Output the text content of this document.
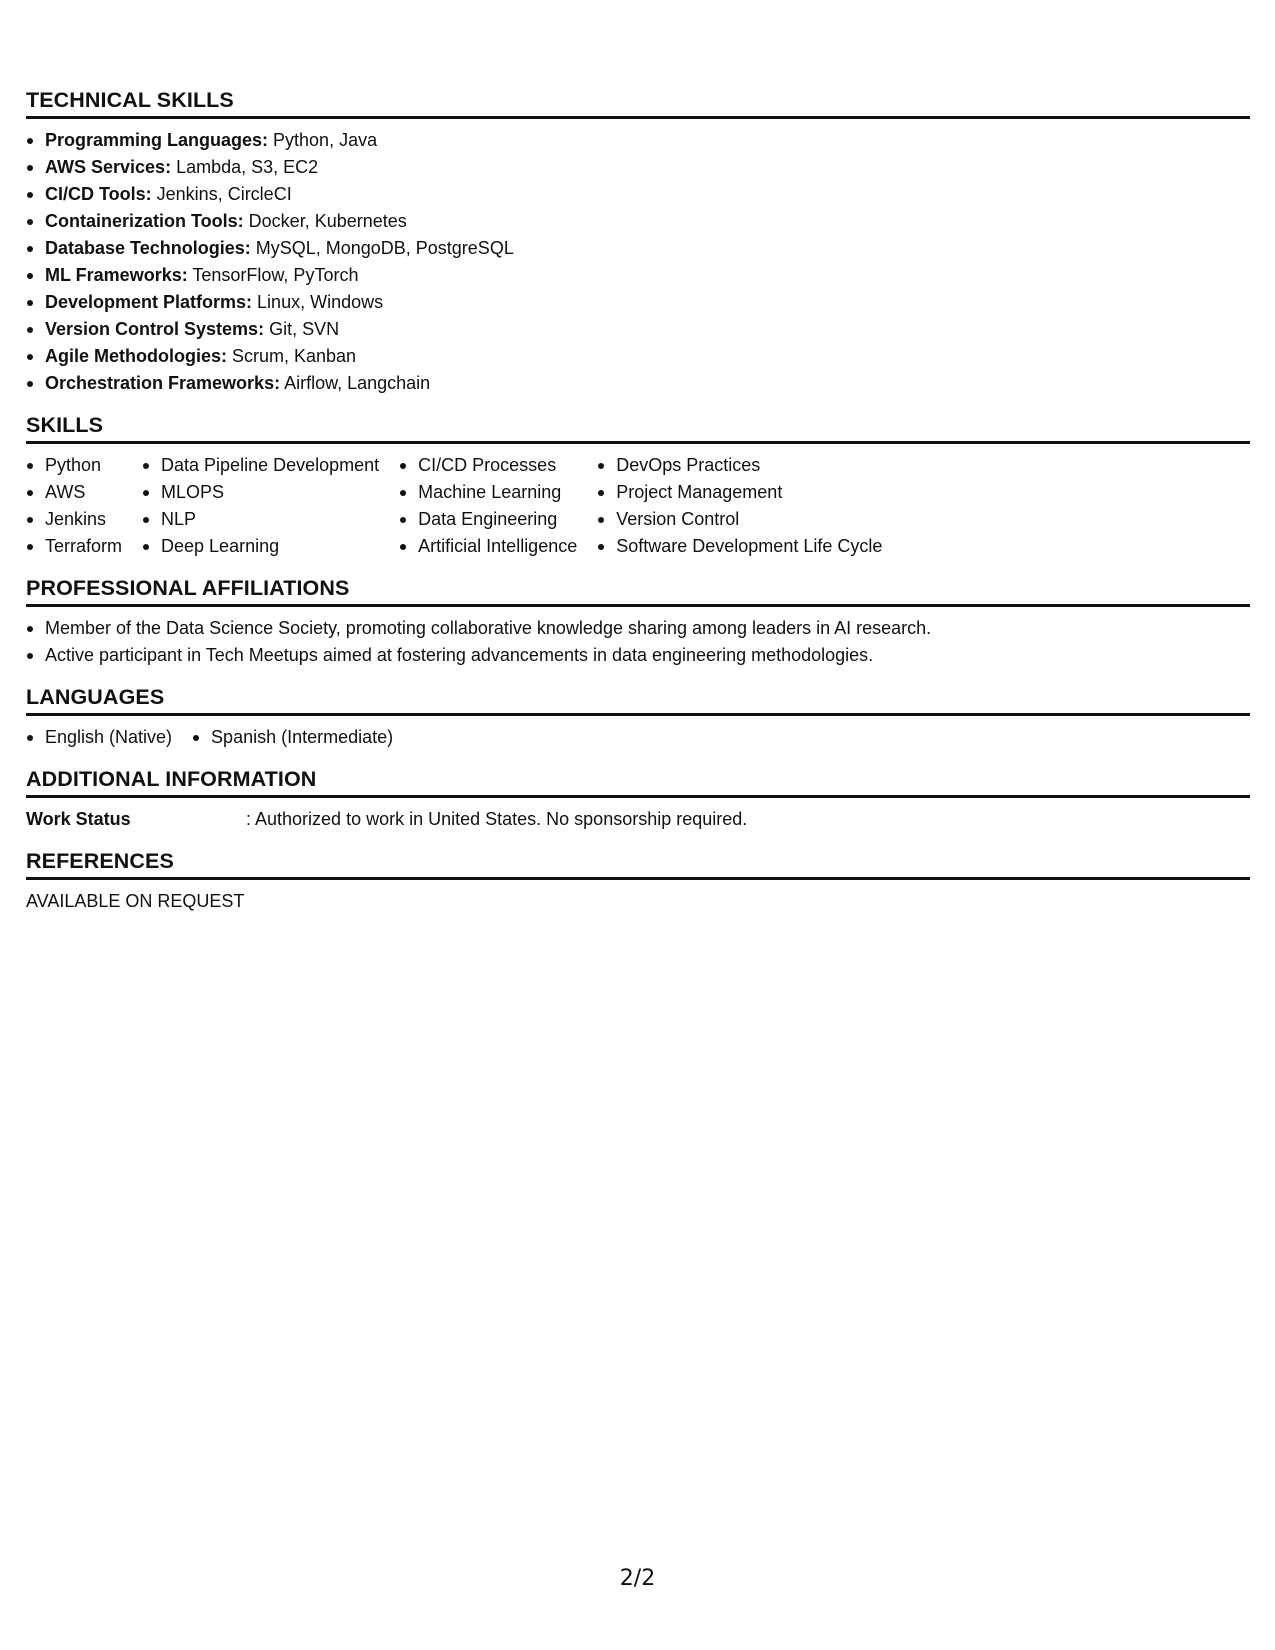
TECHNICAL SKILLS
Programming Languages: Python, Java
AWS Services: Lambda, S3, EC2
CI/CD Tools: Jenkins, CircleCI
Containerization Tools: Docker, Kubernetes
Database Technologies: MySQL, MongoDB, PostgreSQL
ML Frameworks: TensorFlow, PyTorch
Development Platforms: Linux, Windows
Version Control Systems: Git, SVN
Agile Methodologies: Scrum, Kanban
Orchestration Frameworks: Airflow, Langchain
SKILLS
Python
AWS
Jenkins
Terraform
Data Pipeline Development
MLOPS
NLP
Deep Learning
CI/CD Processes
Machine Learning
Data Engineering
Artificial Intelligence
DevOps Practices
Project Management
Version Control
Software Development Life Cycle
PROFESSIONAL AFFILIATIONS
Member of the Data Science Society, promoting collaborative knowledge sharing among leaders in AI research.
Active participant in Tech Meetups aimed at fostering advancements in data engineering methodologies.
LANGUAGES
English (Native)	Spanish (Intermediate)
ADDITIONAL INFORMATION
Work Status	: Authorized to work in United States. No sponsorship required.
REFERENCES
AVAILABLE ON REQUEST
2/2
